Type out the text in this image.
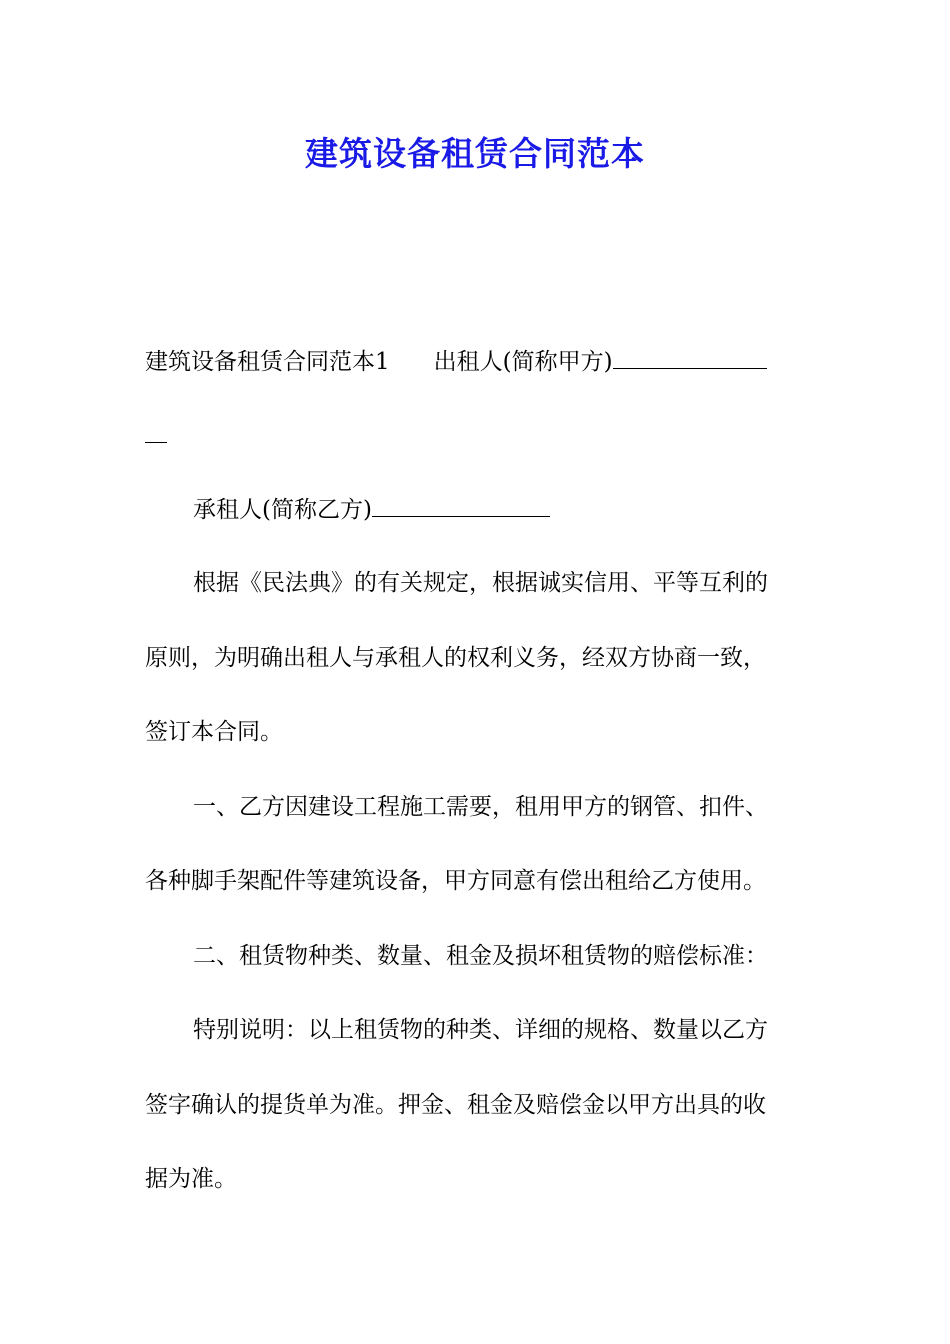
建筑设备租赁合同范本

建筑设备租赁合同范本1 出租人(简称甲方)

承租人(简称乙方)

根据《民法典》的有关规定，根据诚实信用、平等互利的

原则，为明确出租人与承租人的权利义务，经双方协商一致，

签订本合同。

一、乙方因建设工程施工需要，租用甲方的钢管、扣件、

各种脚手架配件等建筑设备，甲方同意有偿出租给乙方使用。

二、租赁物种类、数量、租金及损坏租赁物的赔偿标准：

特别说明：以上租赁物的种类、详细的规格、数量以乙方

签字确认的提货单为准。押金、租金及赔偿金以甲方出具的收

据为准。
